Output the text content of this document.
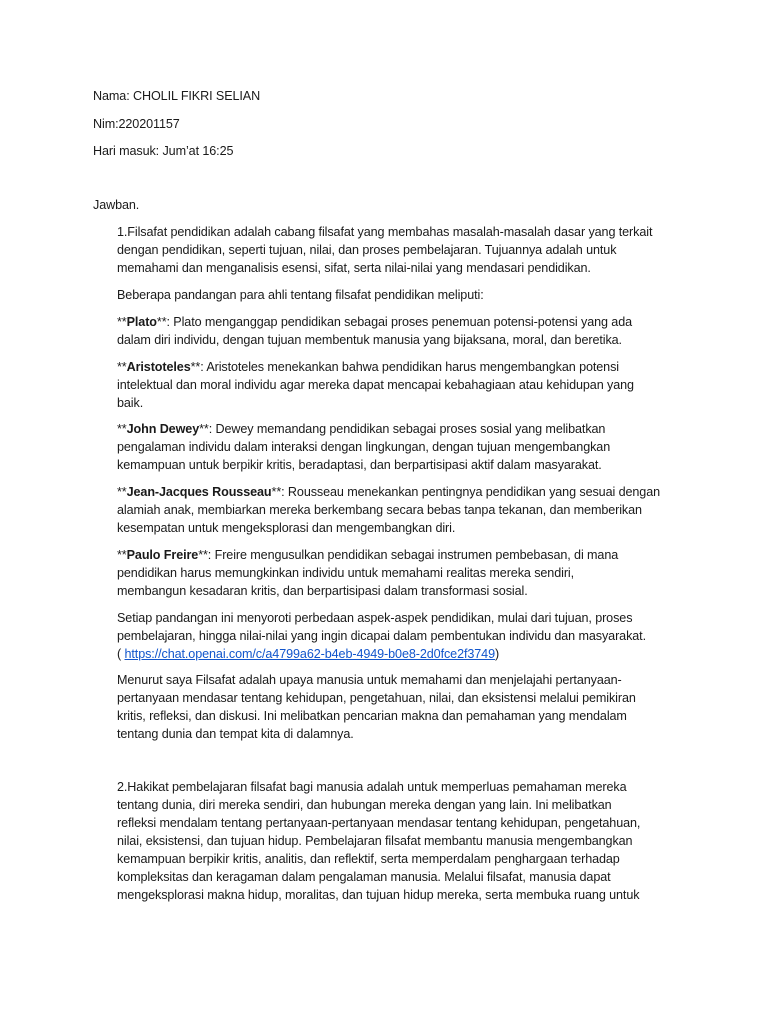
Nama: CHOLIL FIKRI SELIAN
Nim:220201157
Hari masuk: Jum’at 16:25
Jawban.
1.Filsafat pendidikan adalah cabang filsafat yang membahas masalah-masalah dasar yang terkait
dengan pendidikan, seperti tujuan, nilai, dan proses pembelajaran. Tujuannya adalah untuk
memahami dan menganalisis esensi, sifat, serta nilai-nilai yang mendasari pendidikan.
Beberapa pandangan para ahli tentang filsafat pendidikan meliputi:
**Plato**: Plato menganggap pendidikan sebagai proses penemuan potensi-potensi yang ada
dalam diri individu, dengan tujuan membentuk manusia yang bijaksana, moral, dan beretika.
**Aristoteles**: Aristoteles menekankan bahwa pendidikan harus mengembangkan potensi
intelektual dan moral individu agar mereka dapat mencapai kebahagiaan atau kehidupan yang
baik.
**John Dewey**: Dewey memandang pendidikan sebagai proses sosial yang melibatkan
pengalaman individu dalam interaksi dengan lingkungan, dengan tujuan mengembangkan
kemampuan untuk berpikir kritis, beradaptasi, dan berpartisipasi aktif dalam masyarakat.
**Jean-Jacques Rousseau**: Rousseau menekankan pentingnya pendidikan yang sesuai dengan
alamiah anak, membiarkan mereka berkembang secara bebas tanpa tekanan, dan memberikan
kesempatan untuk mengeksplorasi dan mengembangkan diri.
**Paulo Freire**: Freire mengusulkan pendidikan sebagai instrumen pembebasan, di mana
pendidikan harus memungkinkan individu untuk memahami realitas mereka sendiri,
membangun kesadaran kritis, dan berpartisipasi dalam transformasi sosial.
Setiap pandangan ini menyoroti perbedaan aspek-aspek pendidikan, mulai dari tujuan, proses
pembelajaran, hingga nilai-nilai yang ingin dicapai dalam pembentukan individu dan masyarakat.
( https://chat.openai.com/c/a4799a62-b4eb-4949-b0e8-2d0fce2f3749)
Menurut saya Filsafat adalah upaya manusia untuk memahami dan menjelajahi pertanyaan-
pertanyaan mendasar tentang kehidupan, pengetahuan, nilai, dan eksistensi melalui pemikiran
kritis, refleksi, dan diskusi. Ini melibatkan pencarian makna dan pemahaman yang mendalam
tentang dunia dan tempat kita di dalamnya.
2.Hakikat pembelajaran filsafat bagi manusia adalah untuk memperluas pemahaman mereka
tentang dunia, diri mereka sendiri, dan hubungan mereka dengan yang lain. Ini melibatkan
refleksi mendalam tentang pertanyaan-pertanyaan mendasar tentang kehidupan, pengetahuan,
nilai, eksistensi, dan tujuan hidup. Pembelajaran filsafat membantu manusia mengembangkan
kemampuan berpikir kritis, analitis, dan reflektif, serta memperdalam penghargaan terhadap
kompleksitas dan keragaman dalam pengalaman manusia. Melalui filsafat, manusia dapat
mengeksplorasi makna hidup, moralitas, dan tujuan hidup mereka, serta membuka ruang untuk
